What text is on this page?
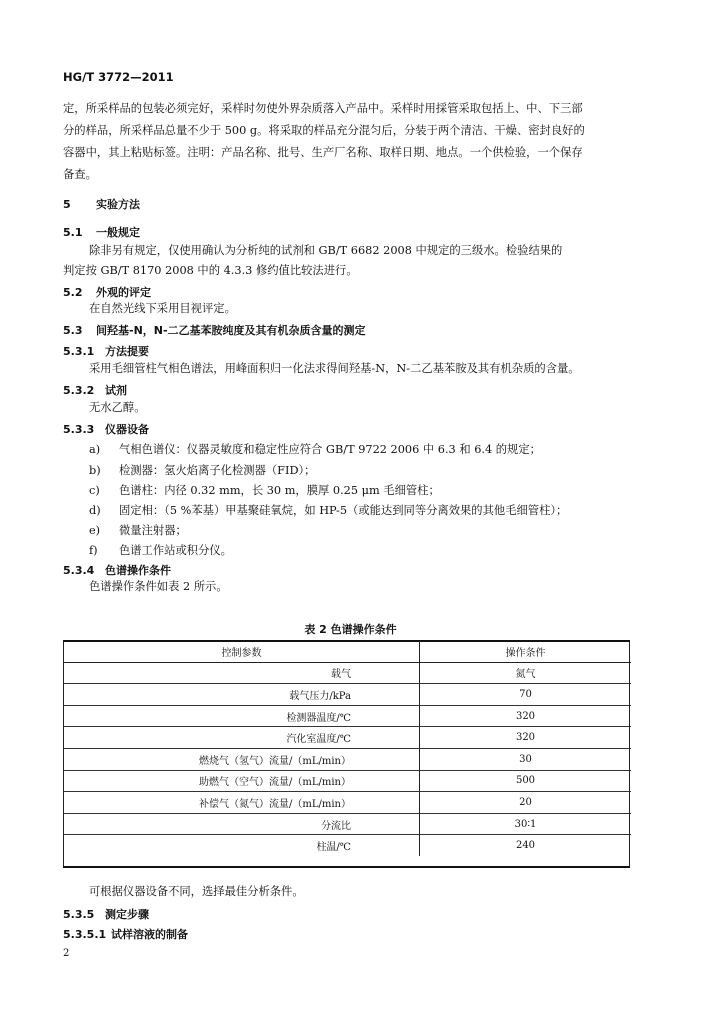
HG/T 3772—2011
定，所采样品的包装必须完好，采样时勿使外界杂质落入产品中。采样时用採管采取包括上、中、下三部
分的样品，所采样品总量不少于 500 g。将采取的样品充分混匀后，分装于两个清洁、干燥、密封良好的
容器中，其上粘贴标签。注明：产品名称、批号、生产厂名称、取样日期、地点。一个供检验，一个保存
备查。
5 实验方法
5.1 一般规定
除非另有规定，仅使用确认为分析纯的试剂和 GB/T 6682 2008 中规定的三级水。检验结果的
判定按 GB/T 8170 2008 中的 4.3.3 修约值比较法进行。
5.2 外观的评定
在自然光线下采用目视评定。
5.3 间羟基-N，N-二乙基苯胺纯度及其有机杂质含量的测定
5.3.1 方法提要
采用毛细管柱气相色谱法，用峰面积归一化法求得间羟基-N，N-二乙基苯胺及其有机杂质的含量。
5.3.2 试剂
无水乙醇。
5.3.3 仪器设备
a) 气相色谱仪：仪器灵敏度和稳定性应符合 GB/T 9722 2006 中 6.3 和 6.4 的规定；
b) 检测器：氢火焰离子化检测器（FID）；
c) 色谱柱：内径 0.32 mm，长 30 m，膜厚 0.25 μm 毛细管柱；
d) 固定相：（5 %苯基）甲基聚硅氧烷，如 HP-5（或能达到同等分离效果的其他毛细管柱）；
e) 微量注射器；
f) 色谱工作站或积分仪。
5.3.4 色谱操作条件
色谱操作条件如表 2 所示。
表 2 色谱操作条件
控制参数	操作条件
载气	氮气
载气压力/kPa	70
检测器温度/℃	320
汽化室温度/℃	320
燃烧气（氢气）流量/（mL/min）	30
助燃气（空气）流量/（mL/min）	500
补偿气（氮气）流量/（mL/min）	20
分流比	30∶1
柱温/℃	240
可根据仪器设备不同，选择最佳分析条件。
5.3.5 测定步骤
5.3.5.1 试样溶液的制备
2
